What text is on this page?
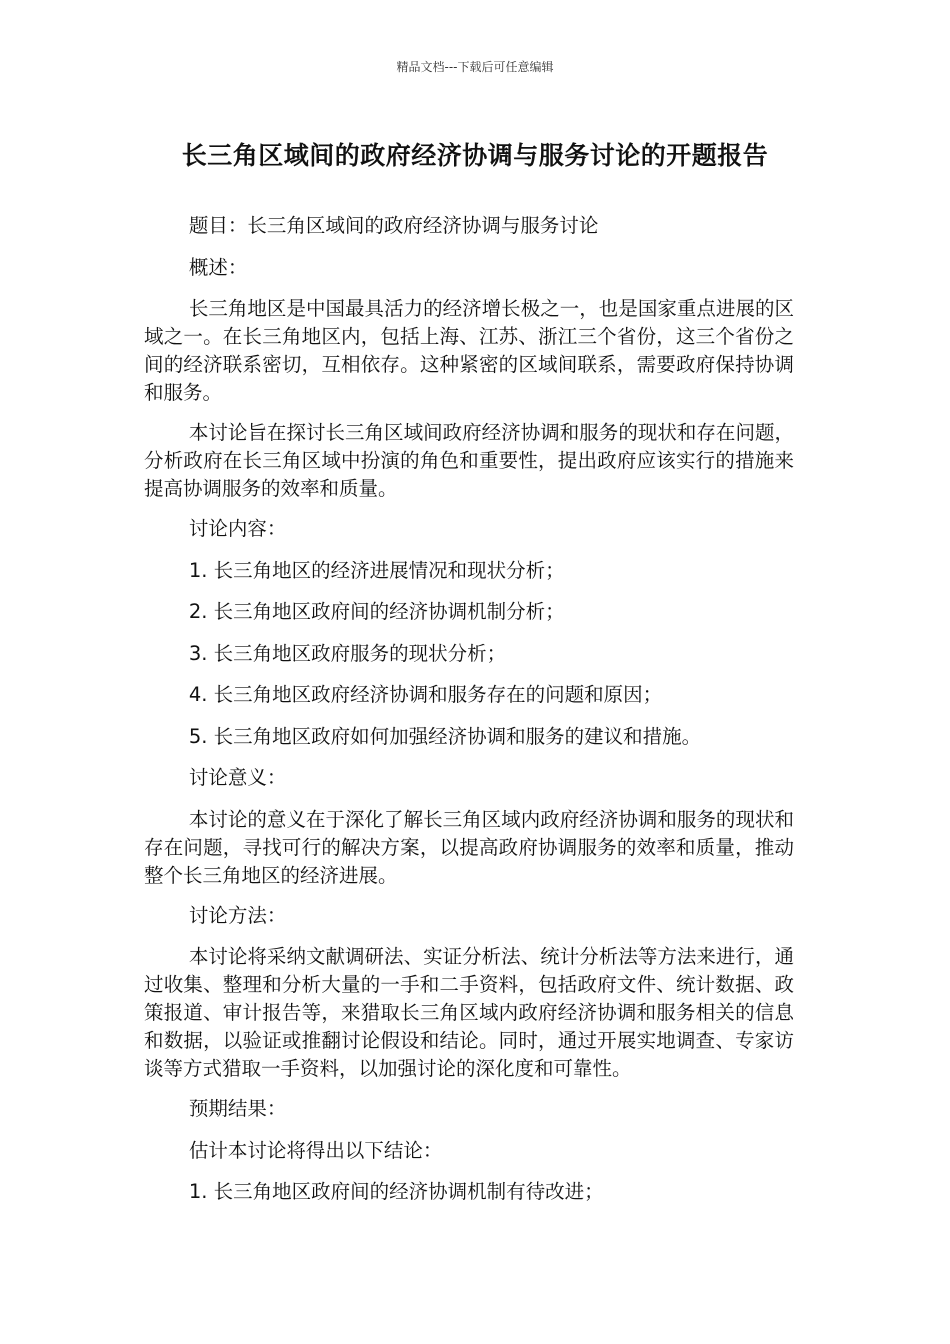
精品文档---下载后可任意编辑
长三角区域间的政府经济协调与服务讨论的开题报告
题目：长三角区域间的政府经济协调与服务讨论
概述：

长三角地区是中国最具活力的经济增长极之一，也是国家重点进展的区域之一。在长三角地区内，包括上海、江苏、浙江三个省份，这三个省份之间的经济联系密切，互相依存。这种紧密的区域间联系，需要政府保持协调和服务。

本讨论旨在探讨长三角区域间政府经济协调和服务的现状和存在问题，分析政府在长三角区域中扮演的角色和重要性，提出政府应该实行的措施来提高协调服务的效率和质量。

讨论内容：
1. 长三角地区的经济进展情况和现状分析；
2. 长三角地区政府间的经济协调机制分析；
3. 长三角地区政府服务的现状分析；
4. 长三角地区政府经济协调和服务存在的问题和原因；
5. 长三角地区政府如何加强经济协调和服务的建议和措施。
讨论意义：

本讨论的意义在于深化了解长三角区域内政府经济协调和服务的现状和存在问题，寻找可行的解决方案，以提高政府协调服务的效率和质量，推动整个长三角地区的经济进展。

讨论方法：

本讨论将采纳文献调研法、实证分析法、统计分析法等方法来进行，通过收集、整理和分析大量的一手和二手资料，包括政府文件、统计数据、政策报道、审计报告等，来猎取长三角区域内政府经济协调和服务相关的信息和数据，以验证或推翻讨论假设和结论。同时，通过开展实地调查、专家访谈等方式猎取一手资料，以加强讨论的深化度和可靠性。

预期结果：
估计本讨论将得出以下结论：
1. 长三角地区政府间的经济协调机制有待改进；
